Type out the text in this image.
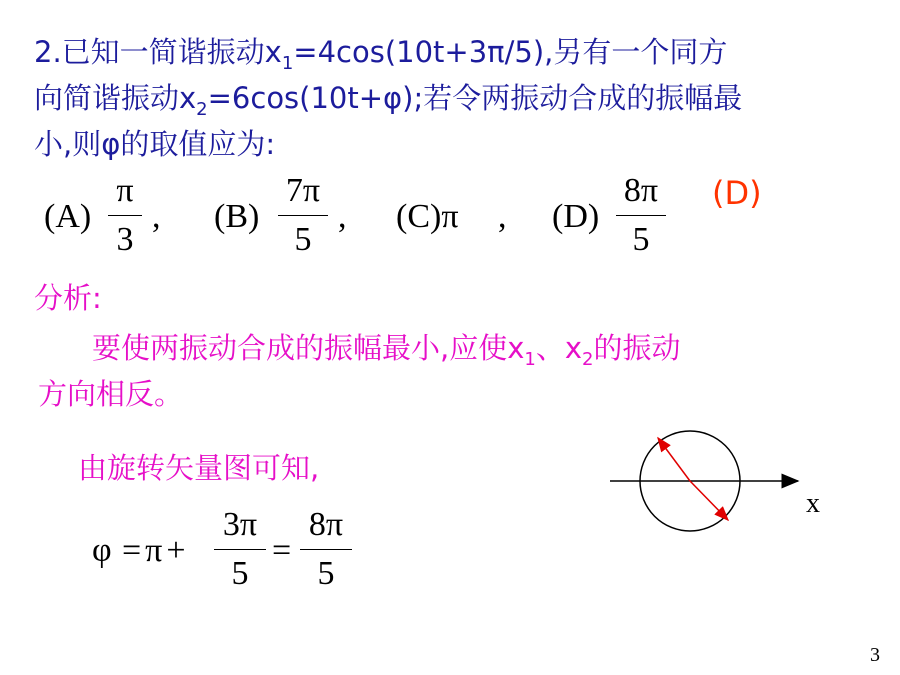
2.已知一简谐振动$x_1=4\cos(10t+3\pi/5)$,另有一个同方
向简谐振动$x_2=6\cos(10t+\varphi)$;若令两振动合成的振幅最
小,则φ的取值应为:
(A)
π
3
, (B)
7π
5
, (C)π , (D)
8π
5
(D)
分析:
要使两振动合成的振幅最小,应使$x_1$、$x_2$的振动
方向相反。
由旋转矢量图可知,
φ =π+
3π
5
=
8π
5
x
3
